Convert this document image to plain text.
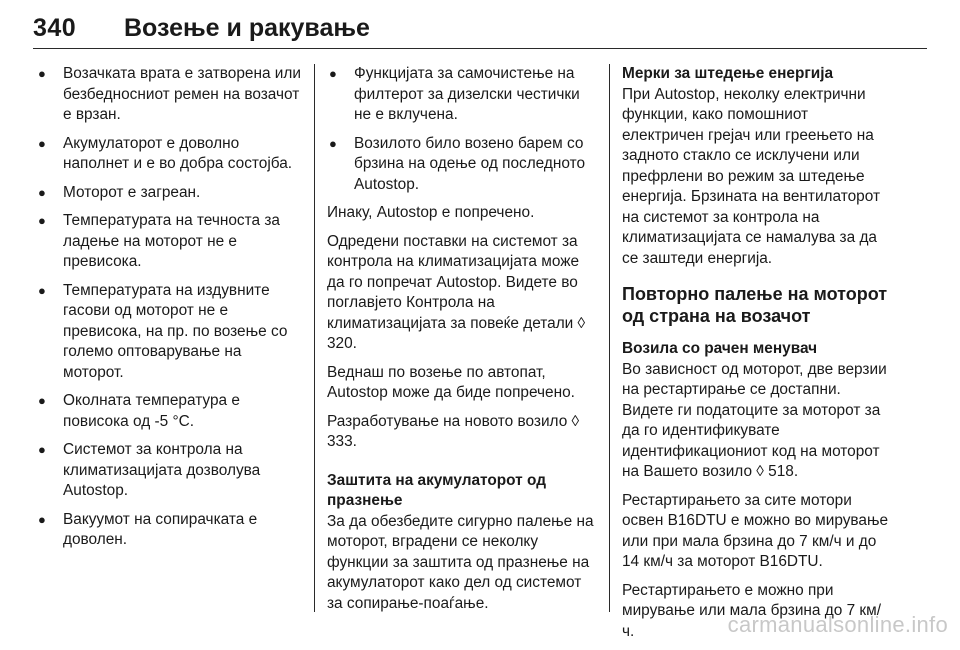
340 Возење и ракување
● Возачката врата е затворена или безбедносниот ремен на возачот е врзан.
● Акумулаторот е доволно наполнет и е во добра состојба.
● Моторот е загреан.
● Температурата на течноста за ладење на моторот не е превисока.
● Температурата на издувните гасови од моторот не е превисока, на пр. по возење со големо оптоварување на моторот.
● Околната температура е повисока од -5 °C.
● Системот за контрола на климатизацијата дозволува Autostop.
● Вакуумот на сопирачката е доволен.
● Функцијата за самочистење на филтерот за дизелски честички не е вклучена.
● Возилото било возено барем со брзина на одење од последното Autostop.

Инаку, Autostop е попречено.

Одредени поставки на системот за контрола на климатизацијата може да го попречат Autostop. Видете во поглавјето Контрола на климатизацијата за повеќе детали ◊ 320.

Веднаш по возење по автопат, Autostop може да биде попречено.

Разработување на новото возило ◊ 333.

Заштита на акумулаторот од празнење

За да обезбедите сигурно палење на моторот, вградени се неколку функции за заштита од празнење на акумулаторот како дел од системот за сопирање-поаѓање.

Мерки за штедење енергија

При Autostop, неколку електрични функции, како помошниот електричен грејач или греењето на задното стакло се исклучени или префрлени во режим за штедење енергија. Брзината на вентилаторот на системот за контрола на климатизацијата се намалува за да се заштеди енергија.

Повторно палење на моторот од страна на возачот

Возила со рачен менувач

Во зависност од моторот, две верзии на рестартирање се достапни. Видете ги податоците за моторот за да го идентификувате идентификациониот код на моторот на Вашето возило ◊ 518.

Рестартирањето за сите мотори освен B16DTU е можно во мирување или при мала брзина до 7 км/ч и до 14 км/ч за моторот B16DTU.

Рестартирањето е можно при мирување или мала брзина до 7 км/ч.	carmanualsonline.info
